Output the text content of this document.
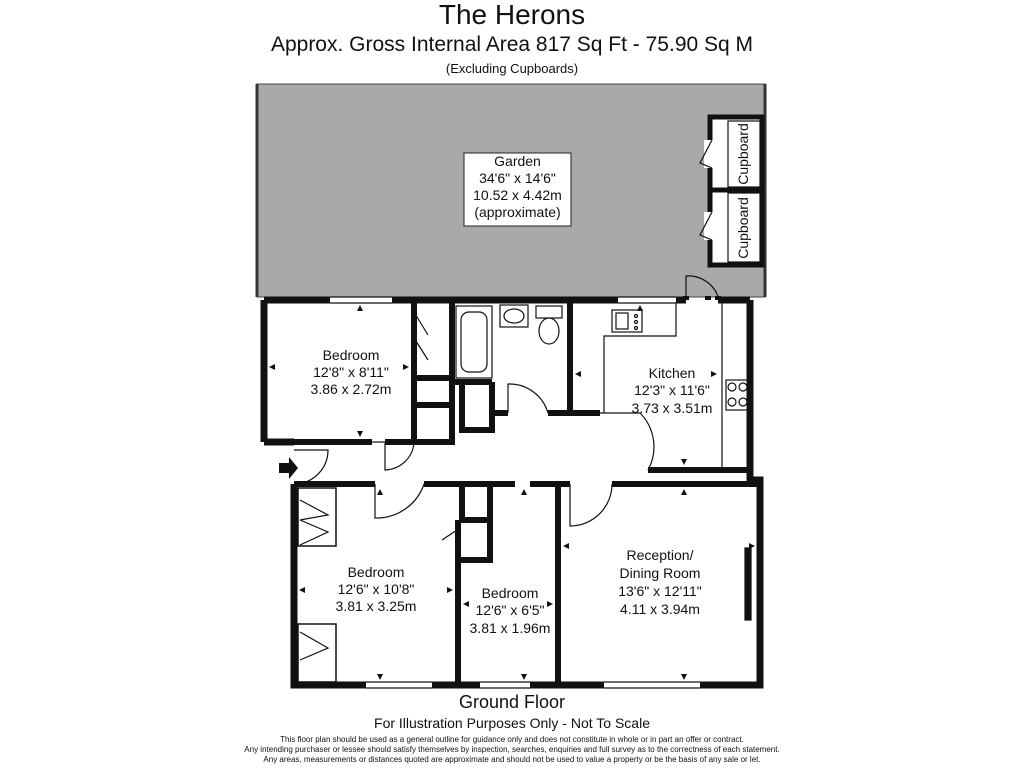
The Herons
Approx. Gross Internal Area 817 Sq Ft - 75.90 Sq M
(Excluding Cupboards)
Garden
34'6" x 14'6"
10.52 x 4.42m
(approximate)
Cupboard
Cupboard
Bedroom
12'8" x 8'11"
3.86 x 2.72m
Kitchen
12'3" x 11'6"
3.73 x 3.51m
Bedroom
12'6" x 10'8"
3.81 x 3.25m
Bedroom
12'6" x 6'5"
3.81 x 1.96m
Reception/
Dining Room
13'6" x 12'11"
4.11 x 3.94m
Ground Floor
For Illustration Purposes Only - Not To Scale
This floor plan should be used as a general outline for guidance only and does not constitute in whole or in part an offer or contract.
Any intending purchaser or lessee should satisfy themselves by inspection, searches, enquiries and full survey as to the correctness of each statement.
Any areas, measurements or distances quoted are approximate and should not be used to value a property or be the basis of any sale or let.
